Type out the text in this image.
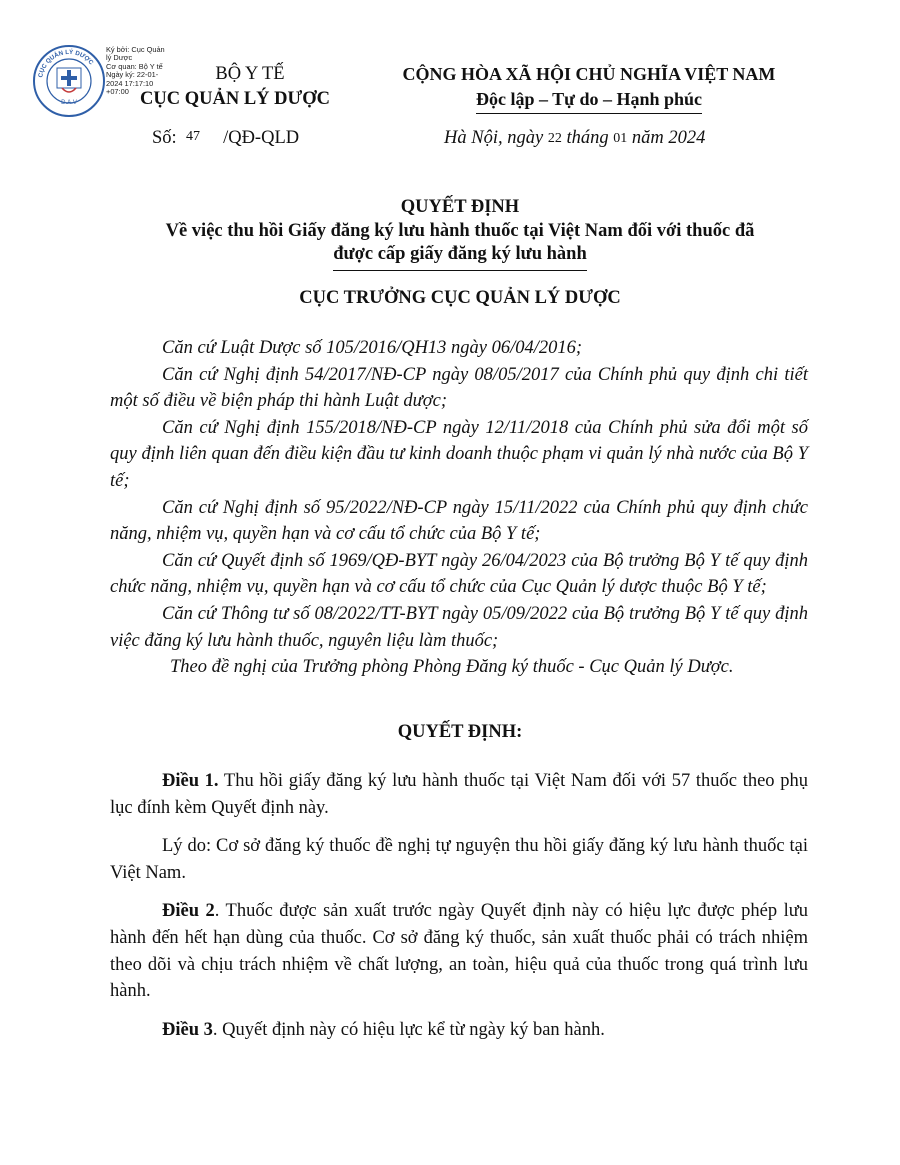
CỤC QUẢN LÝ DƯỢC
D.A.V
Ký bởi: Cục Quản
lý Dược
Cơ quan: Bộ Y tế
Ngày ký: 22-01-
2024 17:17:10
+07:00
BỘ Y TẾ
CỤC QUẢN LÝ DƯỢC
CỘNG HÒA XÃ HỘI CHỦ NGHĨA VIỆT NAM
Độc lập – Tự do – Hạnh phúc
Số: 47 /QĐ-QLD	Hà Nội, ngày 22 tháng 01 năm 2024
QUYẾT ĐỊNH
Về việc thu hồi Giấy đăng ký lưu hành thuốc tại Việt Nam đối với thuốc đã
được cấp giấy đăng ký lưu hành
CỤC TRƯỞNG CỤC QUẢN LÝ DƯỢC

Căn cứ Luật Dược số 105/2016/QH13 ngày 06/04/2016;

Căn cứ Nghị định 54/2017/NĐ-CP ngày 08/05/2017 của Chính phủ quy định chi tiết một số điều về biện pháp thi hành Luật dược;

Căn cứ Nghị định 155/2018/NĐ-CP ngày 12/11/2018 của Chính phủ sửa đổi một số quy định liên quan đến điều kiện đầu tư kinh doanh thuộc phạm vi quản lý nhà nước của Bộ Y tế;

Căn cứ Nghị định số 95/2022/NĐ-CP ngày 15/11/2022 của Chính phủ quy định chức năng, nhiệm vụ, quyền hạn và cơ cấu tổ chức của Bộ Y tế;

Căn cứ Quyết định số 1969/QĐ-BYT ngày 26/04/2023 của Bộ trưởng Bộ Y tế quy định chức năng, nhiệm vụ, quyền hạn và cơ cấu tổ chức của Cục Quản lý dược thuộc Bộ Y tế;

Căn cứ Thông tư số 08/2022/TT-BYT ngày 05/09/2022 của Bộ trưởng Bộ Y tế quy định việc đăng ký lưu hành thuốc, nguyên liệu làm thuốc;

Theo đề nghị của Trưởng phòng Phòng Đăng ký thuốc - Cục Quản lý Dược.

QUYẾT ĐỊNH:

Điều 1. Thu hồi giấy đăng ký lưu hành thuốc tại Việt Nam đối với 57 thuốc theo phụ lục đính kèm Quyết định này.

Lý do: Cơ sở đăng ký thuốc đề nghị tự nguyện thu hồi giấy đăng ký lưu hành thuốc tại Việt Nam.

Điều 2. Thuốc được sản xuất trước ngày Quyết định này có hiệu lực được phép lưu hành đến hết hạn dùng của thuốc. Cơ sở đăng ký thuốc, sản xuất thuốc phải có trách nhiệm theo dõi và chịu trách nhiệm về chất lượng, an toàn, hiệu quả của thuốc trong quá trình lưu hành.

Điều 3. Quyết định này có hiệu lực kể từ ngày ký ban hành.
